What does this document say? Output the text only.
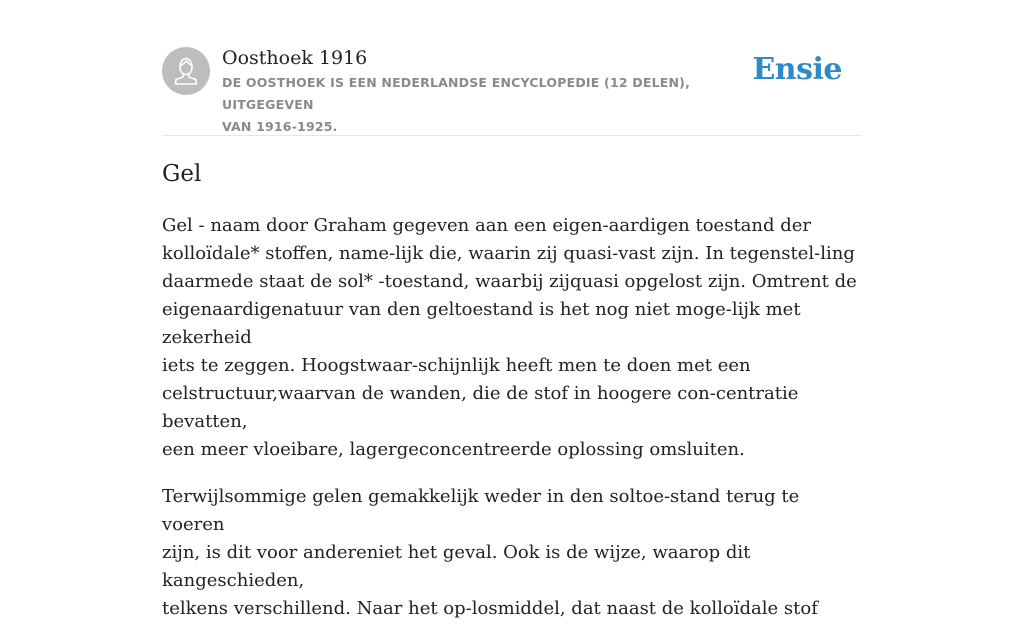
Oosthoek 1916
DE OOSTHOEK IS EEN NEDERLANDSE ENCYCLOPEDIE (12 DELEN), UITGEGEVEN
VAN 1916-1925.
Ensie
Gel

Gel - naam door Graham gegeven aan een eigen-aardigen toestand der
kolloïdale* stoffen, name-lijk die, waarin zij quasi-vast zijn. In tegenstel-ling
daarmede staat de sol* -toestand, waarbij zijquasi opgelost zijn. Omtrent de
eigenaardigenatuur van den geltoestand is het nog niet moge-lijk met zekerheid
iets te zeggen. Hoogstwaar-schijnlijk heeft men te doen met een
celstructuur,waarvan de wanden, die de stof in hoogere con-centratie bevatten,
een meer vloeibare, lagergeconcentreerde oplossing omsluiten.

Terwijlsommige gelen gemakkelijk weder in den soltoe-stand terug te voeren
zijn, is dit voor andereniet het geval. Ook is de wijze, waarop dit kangeschieden,
telkens verschillend. Naar het op-losmiddel, dat naast de kolloïdale stof
